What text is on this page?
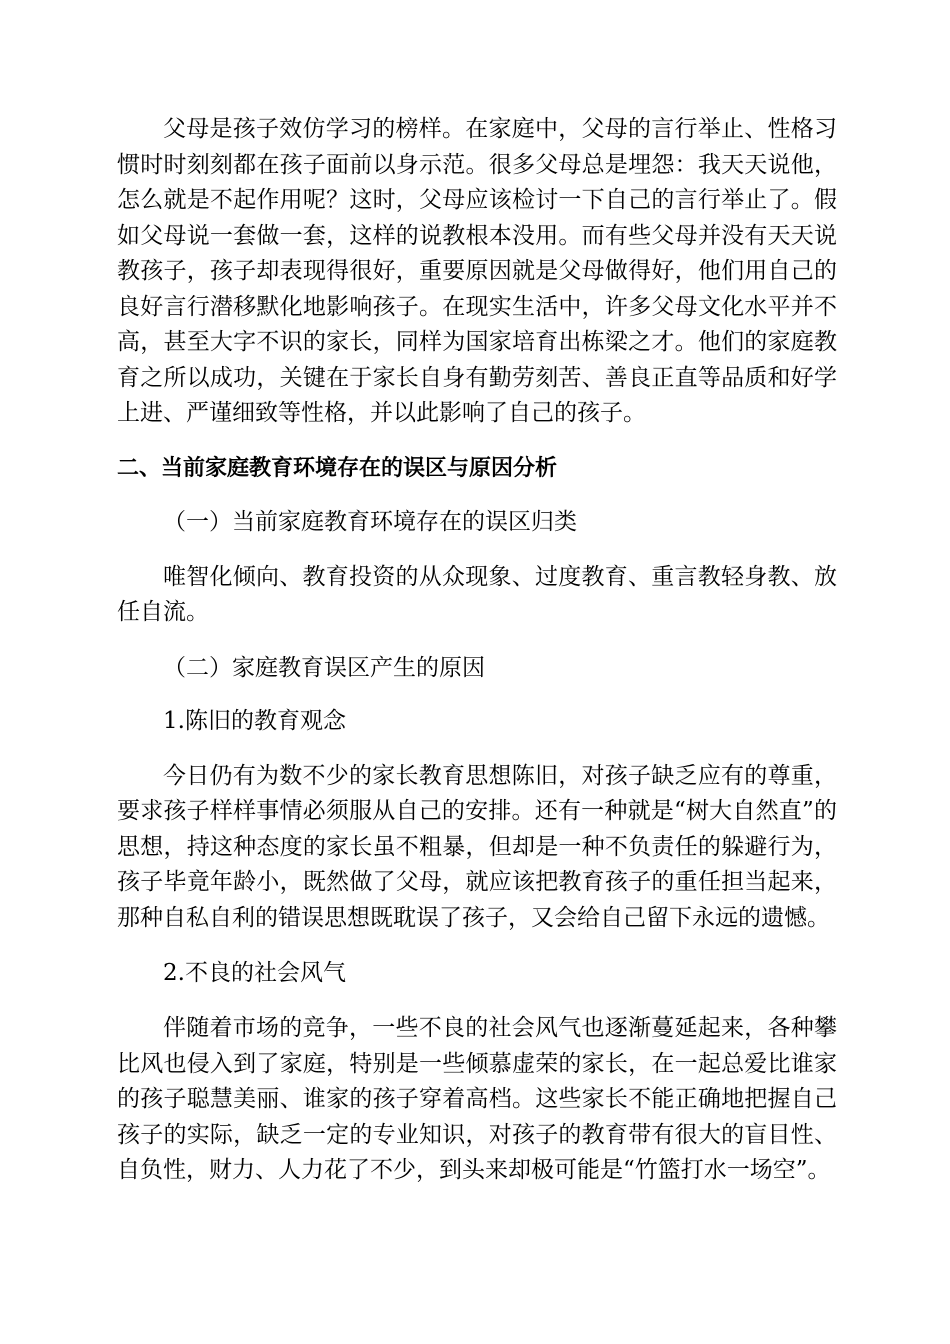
父母是孩子效仿学习的榜样。在家庭中，父母的言行举止、性格习惯时时刻刻都在孩子面前以身示范。很多父母总是埋怨：我天天说他，怎么就是不起作用呢？这时，父母应该检讨一下自己的言行举止了。假如父母说一套做一套，这样的说教根本没用。而有些父母并没有天天说教孩子，孩子却表现得很好，重要原因就是父母做得好，他们用自己的良好言行潜移默化地影响孩子。在现实生活中，许多父母文化水平并不高，甚至大字不识的家长，同样为国家培育出栋梁之才。他们的家庭教育之所以成功，关键在于家长自身有勤劳刻苦、善良正直等品质和好学上进、严谨细致等性格，并以此影响了自己的孩子。

二、当前家庭教育环境存在的误区与原因分析

（一）当前家庭教育环境存在的误区归类

唯智化倾向、教育投资的从众现象、过度教育、重言教轻身教、放任自流。

（二）家庭教育误区产生的原因

1.陈旧的教育观念

今日仍有为数不少的家长教育思想陈旧，对孩子缺乏应有的尊重，要求孩子样样事情必须服从自己的安排。还有一种就是“树大自然直”的思想，持这种态度的家长虽不粗暴，但却是一种不负责任的躲避行为，孩子毕竟年龄小，既然做了父母，就应该把教育孩子的重任担当起来，那种自私自利的错误思想既耽误了孩子，又会给自己留下永远的遗憾。

2.不良的社会风气

伴随着市场的竞争，一些不良的社会风气也逐渐蔓延起来，各种攀比风也侵入到了家庭，特别是一些倾慕虚荣的家长，在一起总爱比谁家的孩子聪慧美丽、谁家的孩子穿着高档。这些家长不能正确地把握自己孩子的实际，缺乏一定的专业知识，对孩子的教育带有很大的盲目性、自负性，财力、人力花了不少，到头来却极可能是“竹篮打水一场空”。
